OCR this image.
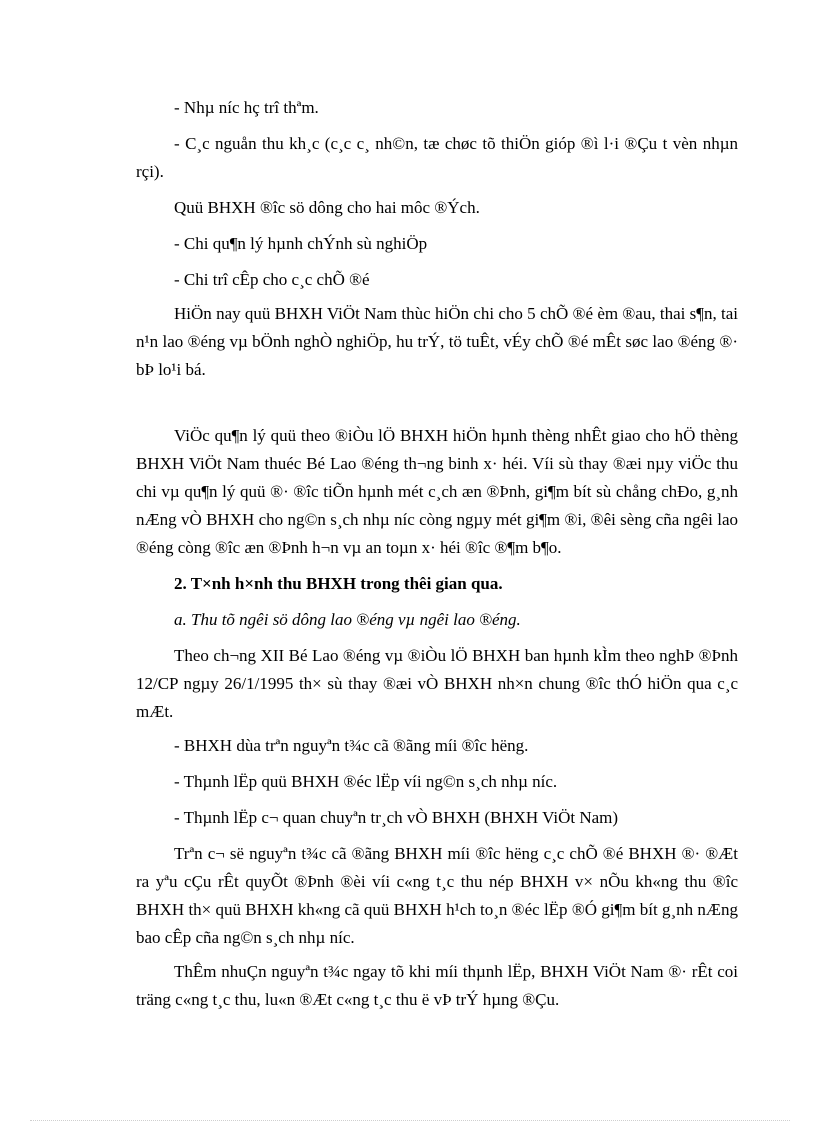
- Nhµ níc hç trî thªm.

- C¸c nguån thu kh¸c (c¸c c¸ nh©n, tæ chøc tõ thiÖn gióp ®ì l·i ®Çu t vèn nhµn rçi).

Quü BHXH ®îc sö dông cho hai môc ®Ých.

- Chi qu¶n lý hµnh chÝnh sù nghiÖp

- Chi trî cÊp cho c¸c chÕ ®é

HiÖn nay quü BHXH ViÖt Nam thùc hiÖn chi cho 5 chÕ ®é èm ®au, thai s¶n, tai n¹n lao ®éng vµ bÖnh nghÒ nghiÖp, hu trÝ, tö tuÊt, vÉy chÕ ®é mÊt søc lao ®éng ®· bÞ lo¹i bá.

ViÖc qu¶n lý quü theo ®iÒu lÖ BHXH hiÖn hµnh thèng nhÊt giao cho hÖ thèng BHXH ViÖt Nam thuéc Bé Lao ®éng th¬ng binh x· héi. Víi sù thay ®æi nµy viÖc thu chi vµ qu¶n lý quü ®· ®îc tiÕn hµnh mét c¸ch æn ®Þnh, gi¶m bít sù chång chÐo, g¸nh nÆng vÒ BHXH cho ng©n s¸ch nhµ níc còng ngµy mét gi¶m ®i, ®êi sèng cña ngêi lao ®éng còng ®îc æn ®Þnh h¬n vµ an toµn x· héi ®îc ®¶m b¶o.

2. T×nh h×nh thu BHXH trong thêi gian qua.

a. Thu tõ ngêi sö dông lao ®éng vµ ngêi lao ®éng.

Theo ch¬ng XII Bé Lao ®éng vµ ®iÒu lÖ BHXH ban hµnh kÌm theo nghÞ ®Þnh 12/CP ngµy 26/1/1995 th× sù thay ®æi vÒ BHXH nh×n chung ®îc thÓ hiÖn qua c¸c mÆt.

- BHXH dùa trªn nguyªn t¾c cã ®ãng míi ®îc hëng.

- Thµnh lËp quü BHXH ®éc lËp víi ng©n s¸ch nhµ níc.

- Thµnh lËp c¬ quan chuyªn tr¸ch vÒ BHXH (BHXH ViÖt Nam)

Trªn c¬ së nguyªn t¾c cã ®ãng BHXH míi ®îc hëng c¸c chÕ ®é BHXH ®· ®Æt ra yªu cÇu rÊt quyÕt ®Þnh ®èi víi c«ng t¸c thu nép BHXH v× nÕu kh«ng thu ®îc BHXH th× quü BHXH kh«ng cã quü BHXH h¹ch to¸n ®éc lËp ®Ó gi¶m bít g¸nh nÆng bao cÊp cña ng©n s¸ch nhµ níc.

ThÊm nhuÇn nguyªn t¾c ngay tõ khi míi thµnh lËp, BHXH ViÖt Nam ®· rÊt coi träng c«ng t¸c thu, lu«n ®Æt c«ng t¸c thu ë vÞ trÝ hµng ®Çu.
